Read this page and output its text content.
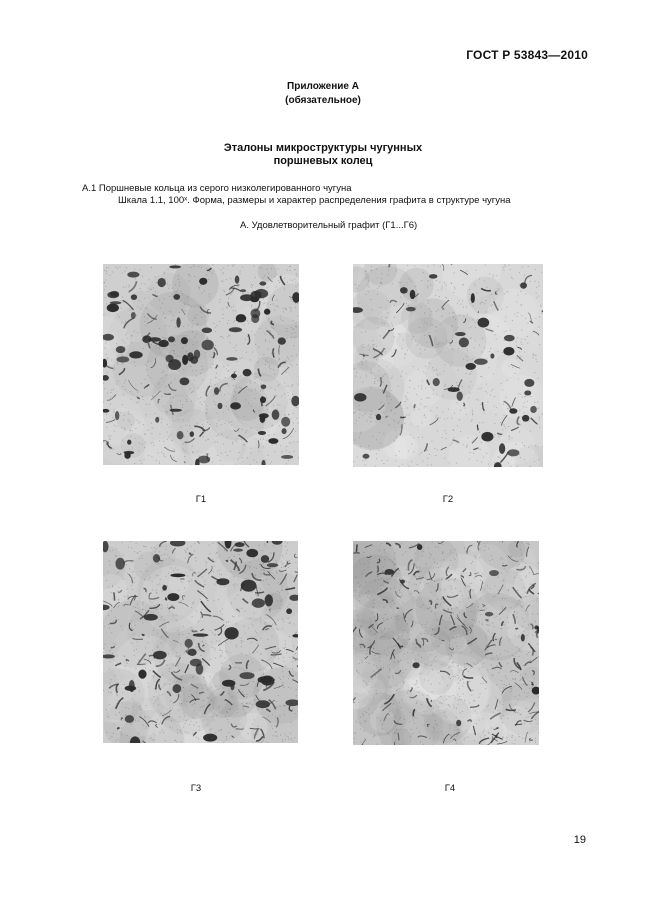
ГОСТ Р 53843—2010
Приложение А
(обязательное)
Эталоны микроструктуры чугунных
поршневых колец
А.1 Поршневые кольца из серого низколегированного чугуна
Шкала 1.1, 100ˣ. Форма, размеры и характер распределения графита в структуре чугуна
А. Удовлетворительный графит (Г1...Г6)
Г1	Г2
Г3	Г4
19
